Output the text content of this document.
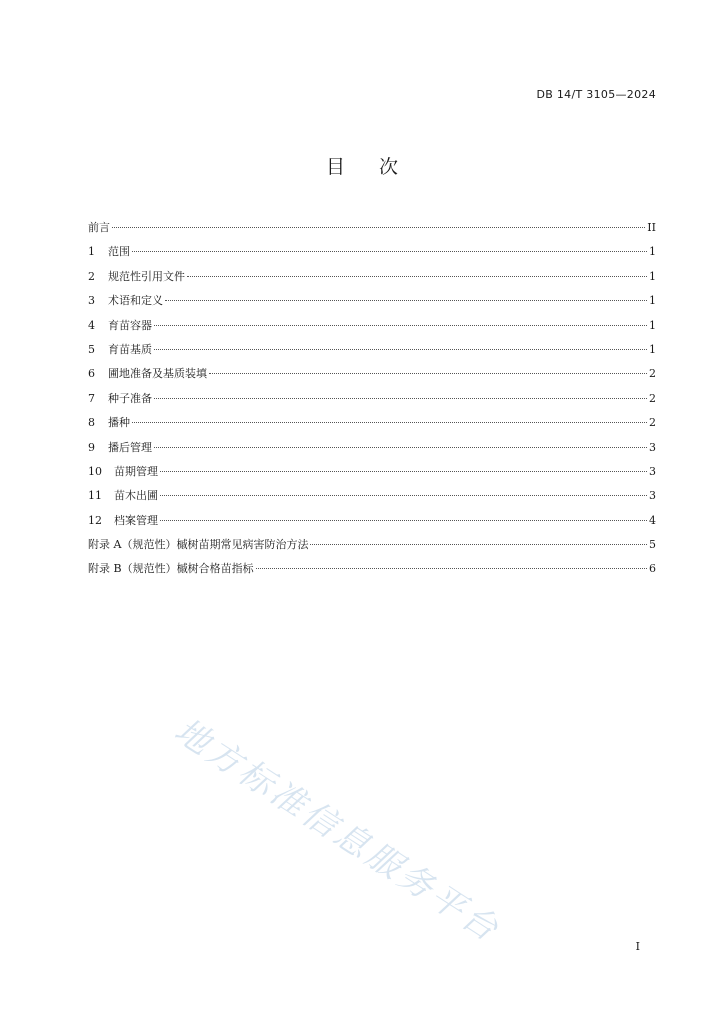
DB 14/T 3105—2024
目 次
前言	II
1	范围	1
2	规范性引用文件	1
3	术语和定义	1
4	育苗容器	1
5	育苗基质	1
6	圃地准备及基质装填	2
7	种子准备	2
8	播种	2
9	播后管理	3
10	苗期管理	3
11	苗木出圃	3
12	档案管理	4
附录 A（规范性）槭树苗期常见病害防治方法	5
附录 B（规范性）槭树合格苗指标	6
地方标准信息服务平台	I
